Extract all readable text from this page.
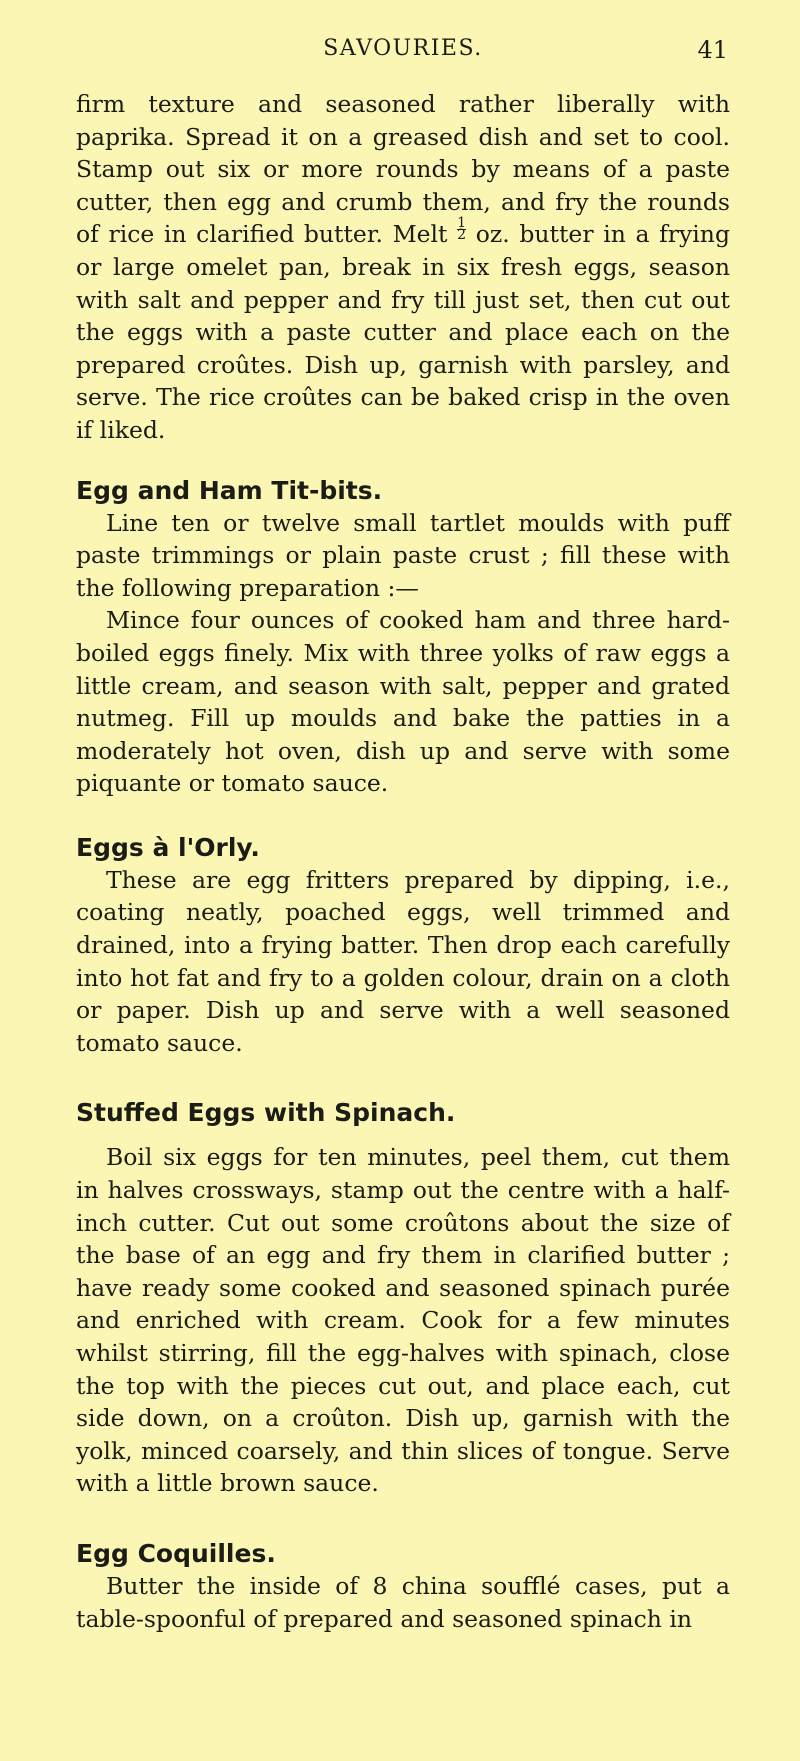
SAVOURIES.	41

firm texture and seasoned rather liberally with paprika. Spread it on a greased dish and set to cool. Stamp out six or more rounds by means of a paste cutter, then egg and crumb them, and fry the rounds of rice in clarified butter. Melt $\frac{1}{2}$ oz. butter in a frying or large omelet pan, break in six fresh eggs, season with salt and pepper and fry till just set, then cut out the eggs with a paste cutter and place each on the prepared croûtes. Dish up, garnish with parsley, and serve. The rice croûtes can be baked crisp in the oven if liked.

Egg and Ham Tit-bits.

Line ten or twelve small tartlet moulds with puff paste trimmings or plain paste crust ; fill these with the following preparation :—

Mince four ounces of cooked ham and three hard-boiled eggs finely. Mix with three yolks of raw eggs a little cream, and season with salt, pepper and grated nutmeg. Fill up moulds and bake the patties in a moderately hot oven, dish up and serve with some piquante or tomato sauce.

Eggs à l'Orly.

These are egg fritters prepared by dipping, i.e., coating neatly, poached eggs, well trimmed and drained, into a frying batter. Then drop each carefully into hot fat and fry to a golden colour, drain on a cloth or paper. Dish up and serve with a well seasoned tomato sauce.

Stuffed Eggs with Spinach.

Boil six eggs for ten minutes, peel them, cut them in halves crossways, stamp out the centre with a half-inch cutter. Cut out some croûtons about the size of the base of an egg and fry them in clarified butter ; have ready some cooked and seasoned spinach purée and enriched with cream. Cook for a few minutes whilst stirring, fill the egg-halves with spinach, close the top with the pieces cut out, and place each, cut side down, on a croûton. Dish up, garnish with the yolk, minced coarsely, and thin slices of tongue. Serve with a little brown sauce.

Egg Coquilles.

Butter the inside of 8 china soufflé cases, put a table-spoonful of prepared and seasoned spinach in
